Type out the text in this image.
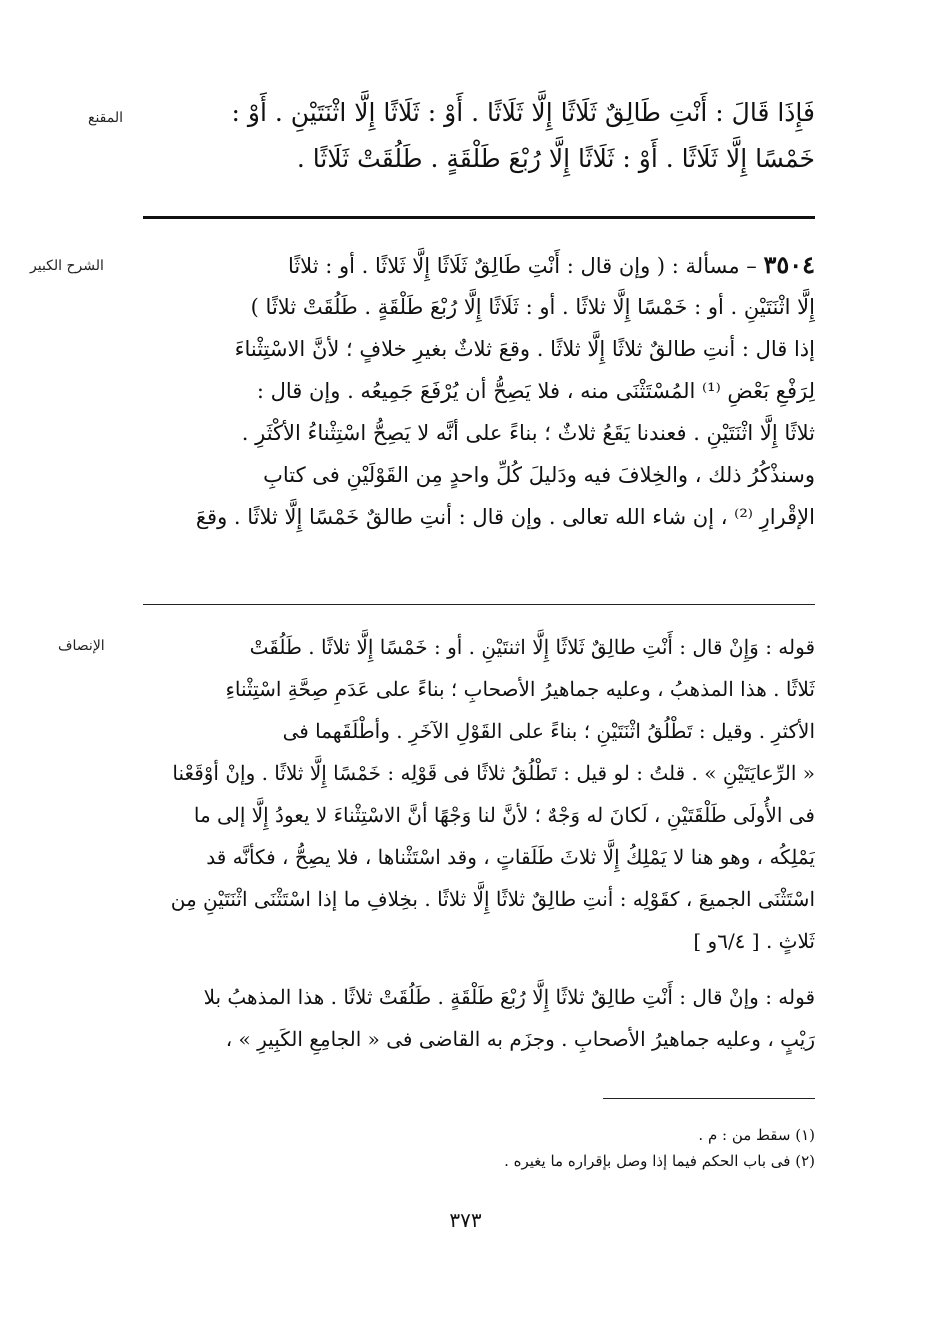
المقنع	فَإِذَا قَالَ : أَنْتِ طَالِقٌ ثَلَاثًا إِلَّا ثَلَاثًا . أَوْ : ثَلَاثًا إِلَّا اثْنَتَيْنِ . أَوْ :
خَمْسًا إِلَّا ثَلَاثًا . أَوْ : ثَلَاثًا إِلَّا رُبْعَ طَلْقَةٍ . طَلُقَتْ ثَلَاثًا .
الشرح الكبير	٣٥٠٤ – مسألة : ( وإن قال : أَنْتِ طَالِقٌ ثَلَاثًا إِلَّا ثَلاثًا . أو : ثلاثًا
إِلَّا اثْنَتَيْنِ . أو : خَمْسًا إِلَّا ثلاثًا . أو : ثَلَاثًا إِلَّا رُبْعَ طَلْقَةٍ . طَلُقَتْ ثلاثًا )
إذا قال : أنتِ طالقٌ ثلاثًا إِلَّا ثلاثًا . وقعَ ثلاثٌ بغيرِ خلافٍ ؛ لأنَّ الاسْتِثْناءَ
لِرَفْعِ بَعْضِ ⁽¹⁾ المُسْتَثْنَى منه ، فلا يَصِحُّ أن يُرْفَعَ جَمِيعُه . وإن قال :
ثلاثًا إِلَّا اثْنَتَيْنِ . فعندنا يَقَعُ ثلاثٌ ؛ بناءً على أنَّه لا يَصِحُّ اسْتِثْناءُ الأكْثَرِ .
وسنذْكُرُ ذلك ، والخِلافَ فيه ودَليلَ كُلِّ واحدٍ مِن القَوْلَيْنِ فى كتابِ
الإقْرارِ ⁽²⁾ ، إن شاء الله تعالى . وإن قال : أنتِ طالقٌ خَمْسًا إِلَّا ثلاثًا . وقعَ
الإنصاف	قوله : وَإِنْ قال : أَنْتِ طالِقٌ ثَلاثًا إِلَّا اثنتَيْنِ . أو : خَمْسًا إِلَّا ثلاثًا . طَلُقَتْ
ثَلاثًا . هذا المذهبُ ، وعليه جماهيرُ الأصحابِ ؛ بناءً على عَدَمِ صِحَّةِ اسْتِثْناءِ
الأكثرِ . وقيل : تَطْلُقُ اثْنَتَيْنِ ؛ بناءً على القَوْلِ الآخَرِ . وأطْلَقَهما فى
« الرِّعايَتَيْنِ » . قلتُ : لو قيل : تَطْلُقُ ثلاثًا فى قَوْلِه : خَمْسًا إِلَّا ثلاثًا . وإنْ أوْقَعْنا
فى الأُولَى طَلْقَتَيْنِ ، لَكانَ له وَجْهٌ ؛ لأنَّ لنا وَجْهًا أنَّ الاسْتِثْناءَ لا يعودُ إِلَّا إلى ما
يَمْلِكُه ، وهو هنا لا يَمْلِكُ إِلَّا ثلاثَ طَلَقاتٍ ، وقد اسْتَثْناها ، فلا يصِحُّ ، فكأنَّه قد
اسْتَثْنَى الجميعَ ، كقَوْلِه : أنتِ طالِقٌ ثلاثًا إِلَّا ثلاثًا . بخِلافِ ما إذا اسْتَثْنَى اثْنَتَيْنِ مِن
ثَلاثٍ . [ ٦/٤و ]
قوله : وإنْ قال : أَنْتِ طالِقٌ ثلاثًا إِلَّا رُبْعَ طَلْقَةٍ . طَلُقَتْ ثلاثًا . هذا المذهبُ بلا
رَيْبٍ ، وعليه جماهيرُ الأصحابِ . وجزَم به القاضى فى « الجامِعِ الكَبِيرِ » ،
(١) سقط من : م .
(٢) فى باب الحكم فيما إذا وصل بإقراره ما يغيره .
٣٧٣
